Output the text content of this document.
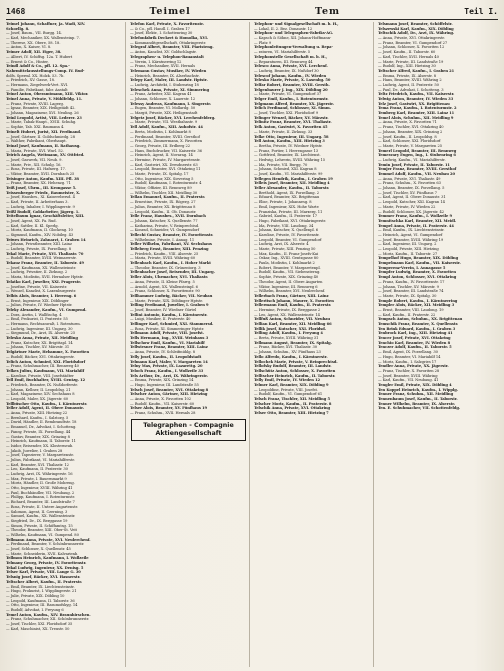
1468	Teimel	Tem	Teil I.
Teimel Johann, Schaffner, Ja. Wadi, XIV.
Schoellg. 8.
— Josef, Baum., VII. Burgg. 14.
— Karl, Mechaniker, XX. Wallensteinp. 7.
— Therese, XX. Obere, 58. 18.
— Anton, X. Kaiser, VI. 8.
Teimer Adolf, XII. Eiger, 38.
— Albert, IV. Schiffsg. 12a. T. Hubert
— Ernest & Co., Hinter,
Teindl Adolf & Co., pfl. 12. Spa.-
Nahrmittelausstellungs-Comp. IV. Rud-
dolfs. Sperml. XX. Holzk. 53. 7b.
— Friedrich, XV. Gasse, 18.
— Hermann, Ziegelwerk-Vert. XVI.
— Familie, Fabrikant, fabr. Anstalt
Teinel Anton, Oberamtmann, XIII. Viktor.
Teinel Anna, Private, V. Mühlfeldg. 11.
— Franz, Private, XVIII. Lagerg.
— Ignaz, Beamter, XIX. Heiligstädt 42.
— Johann, Magazineur, XVI. Neuling. 26
Teinl Leopold, Artist, VIII. Lederer. 23
— Marie, Tabak-Haupt., XVIII. Schuhg.
— Sophie, Tab. XXI. Baumann 4.
Teinelt Hubert, Jurist, XII. Ferdinand.
— Josef, Gärtner, II. Goldschmiedg. 28
— Walther, Fabrikant, Oberhaupt.
Teinzl Josef, Kaufmann, II. Rathausg.
— Maria, Private, XVI. Wurl. 52.
Teirich Angela, Weitmann, XV. Ottfried.
— Josef, Gaswerk, VII. Neub. 9.
— Marie, Priv., XII. Schulg. 16.
— Rosa, Private, III. Hafnerg. 17.
— Viktor, Beamter, XVII. Dornbach 25
Teisinger Anton, Kaufm. XIII. Pfl. 38
— Franz, Beamter, XX. Hehenzg. 71
Teiß Josef, Uhrm., III. Krongasse 5.
Teissenberger Friedr., Baumeister, X.
— Josef, Hausbes., XI. Kaiserebersd. 4
— Karl, Private, II. Arbeiterhaus 3.
— Ludwig, Inhaber, I. Wipplingerstr. 9
Teißl Rudolf, Goldarbeiter, Jägerg. 1.
Teitelbaum Ignaz, Geschäftsleiter, XIII.
— Josef, Agent, XX. Fa. Rud.
— Karl, Sattler, II. Kl. Sperlg.
— Moriz, Kaufmann, II. Glockeng. 10
— Sigmund, Kaufm., XIV. Nobileg. 43
Teiwes Heinrich, Zahnarzt, I. Graben 14
— Johann, Privatbeamter, XIII. Lainz
— Ludwig, Private, IX. Porzellang. 8
Tekal Marie, Private, XVI. Thaliastr. 70
— Rudolf, Beamter, XVIII. Weimarerstr.
Tekauz Franz, Beamter, II. Taborstr. 49
— Josef, Kaufmann, XX. Wallensteinstr.
— Ludwig, Privatier, II. Zirkusg. 2
— Maria, Modistin, XVII. Hernalser Hptstr.
Telatko Karl, Juwelier, XXI. Pragerstr.
— Josefine, Private, VII. Kaiserstr.
— Wenzel, Kanzlist, X. Laxenburgerstr.
Telbis Alois, Beamter, I. Herreng. 6
— Ernst, Ingenieur, XIX. Döblinger
— Julius, Private, IV. Wiedner Hptstr.
Teleky Alexander, Kaufm., VI. Gumpend.
— Dora, Ärztin, I. Wallfischg. 4
— Emil, Prokurist, II. Praterstr. 55
— Hermann, Rechtsanwalt, I. Rotenturm.
— Ludwig, Ingenieur, III. Ungarg. 30
— Siegmund, Dr., Arzt, IX. Alserstr. 25
Telesko Anna, Private, XII. Meidling
— Franz, Kutscher, XX. Brigittapl. 14
— Johann, Tischler, XV. Märzstr. 31
Telgärtner Marie, Hebamme, X. Favoriten
— Rudolf, Bäcker, XVI. Ottakringerstr.
Telich Anton, Schmied, XXI. Floridsdorf
— Franz, Schuhmacher, III. Rennweg 40
Telkes Julius, Kaufmann, VII. Mariahilf
— Karoline, Private, VIII. Josefstädter
Tell Emil, Buchhalter, XVIII. Gentzg. 12
— Friedrich, Beamter, IX. Nußdorferstr.
— Johann, Kellner, II. Leopoldsg. 21
— Karl, Magazineur, XIV. Sechshaus 8
— Leopold, Maler, XX. Jägerstr. 60
Tellbüscher Otto, Kaufm., I. Kärntnerstr.
Teller Adolf, Agent, II. Obere Donaustr.
— Anna, Private, XIII. Hietzing 22
— Bernhard, Kaufm., I. Salztorg. 5
— David, Händler, II. Rembrandtstr. 18
— Emanuel, Dr., Advokat, I. Schotteng.
— Fanny, Private, IX. Porzellang. 44
— Gustav, Beamter, XIX. Grinzing 8
— Heinrich, Kaufmann, II. Taborstr. 11
— Isidor, Reisender, XX. Klosterneub.
— Jakob, Juwelier, I. Graben 28
— Josef, Tapezierer, V. Margaretenstr.
— Julius, Fabrikant, VI. Mariahilferstr.
— Karl, Beamter, XVI. Thaliastr. 12
— Leo, Kaufmann, II. Praterstr. 30
— Ludwig, Arzt, IX. Währingerstr. 16
— Max, Private, I. Bauernmarkt 9
— Moriz, Händler, II. Große Mohreng.
— Otto, Ingenieur, XVIII. Währing 41
— Paul, Buchhändler, VII. Neubaug. 2
— Philipp, Kaufmann, I. Rotenturmstr.
— Richard, Beamter, III. Landstraße 7
— Rosa, Private, II. Untere Augartenstr.
— Salomon, Agent, II. Czerning. 3
— Samuel, Kaufm., XX. Wallensteinstr.
— Siegfried, Dr., IX. Berggasse 19
— Simon, Private, II. Schiffamtsg. 15
— Theodor, Beamter, XIII. Ober-St. Veit
— Wilhelm, Kaufmann, VI. Gumpend. 80
Tellmann Anna, Private, XVI. Neulerchenf.
— Ferdinand, Beamter, V. Schönbrunnerstr.
— Josef, Schlosser, X. Quellenstr. 45
— Marie, Schneiderin, XVII. Kalvarienb.
Tellmon Heinrich, Kaufmann, I. Wollzeile
Telmany Georg, Private, IV. Favoritenstr.
Tekal Ludwig, Ingenieur, XX. Denisg. 5
Telser Karl, Private, VIII. Lange G. 30
Telsnig Josef, Bäcker, XVI. Hasnerstr.
Teltscher Albert, Kaufm., II. Praterstr.
— Emil, Beamter, IX. Liechtensteinstr.
— Hugo, Prokurist, I. Wipplingerstr. 21
— Julie, Private, XIX. Döbling 10
— Leopold, Kaufmann, II. Taborstr. 36
— Otto, Ingenieur, III. Rasumofskyg. 14
— Rudolf, Advokat, I. Freyung 6
Temel Anton, Kaufm., XIV. Braunhirschen.
— Franz, Schuhmacher, XII. Schönbrunnerstr.
— Josef, Tischler, XXI. Floridsdorf 35
— Karl, Maschinist, XX. Treustr. 50
Telefon Karl, Private, X. Favoritenstr.
— & Co., pfl. Handl. I. Graben 17
— Josef, Elektr., I. Schottenring 30
Telefonfabrik Deckert & Homolka, XVI.
— Kommanditgesellschaft, Ottakringerstr.
Telegraf Albert, Beamter, VIII. Piaristeng.
— Anton, Kanzlist, XV. Goldschlagstr.
Telegraphen- u. Telephon-Bauanstalt
— Verein, I. Kärntnerring 12
— Franz, Mechaniker, XVII. Hernals
Telemann Gustav, Musiker, IV. Wieden
— Heinrich, Beamter, IX. Alserbachstr.
Telepy Karl, Maler, III. Landstr. Hptstr.
— Ludwig, Architekt, I. Stubenring 18
Teleschek Anna, Private, XI. Simmering
— Franz, Arbeiter, XXI. Kagran 41
— Johann, Schlosser, X. Laaerstr. 12
Telessy Andreas, Kaufmann, I. Singerstr.
— Eugen, Beamter, VI. Mollardg. 50
— Margit, Private, XIX. Heiligenstadt
Telgetz Josef, Bäcker, XVI. Lerchenfelderg.
— Marie, Private, VII. Westbahnstr. 9
Tell Adolf, Kaufm., XIII. Auhofstr. 44
— Berta, Modistin, I. Kohlmarkt 8
— Ferdinand, Beamter, XVIII. Gersthof
— Friedrich, Zimmermann, X. Favoriten
— Georg, Private, III. Erdberg 22
— Hans, Buchdrucker, VII. Kaiserstr. 36
— Heinrich, Agent, II. Novarag. 14
— Hermine, Private, IV. Margaretenstr.
— Karl, Gastwirt, XX. Dresdnerstr. 63
— Leopold, Beamter, XVI. Ottakring 11
— Marie, Private, IX. Spitalg. 17
— Otto, Ingenieur, XIX. Sievering 5
— Rudolf, Kaufmann, I. Rotenturmstr. 4
— Viktor, Offizier, III. Rennweg 89
— Wilhelm, Tischler, XII. Meidling 30
Tellan Emanuel, Kaufm., II. Praterstr.
— Ernestine, Private, IX. Rögerg. 27
— Julius, Beamter, XX. Brigittenau 8
— Leopold, Kaufm., II. Ob. Donaustr.
Telle Franz, Hausbes., XVII. Dornbach
— Johann, Kutscher, X. Quellenstr. 77
— Katharina, Private, V. Reinprechtsd.
— Konrad, Schneider, VI. Gumpendorf
Tellechi Gustav, Beamter, IV. Favoritenstr.
— Wilhelmine, Private, I. Annag. 11
Teller Wilhelm, Fabrikant, XV. Sechshaus
Telleberg Ernst, Beamter, XIII. Penzing
— Friedrich, Kaufm., VIII. Alserstr. 25
— Maria, Private, XVIII. Währing 60
Tellenbach Karl, Kaufm., I. Hoher Markt
— Theodor, Beamter, IX. Grünentorg. 3
Tellenbacher Josef, Reisender, III. Ungarg.
Teller Alois, Uhrmacher, XVI. Thaliastr.
— Anna, Private, II. Kleine Pfarrg. 5
— Arnold, Agent, XX. Wallensteinpl. 6
— Franz, Schlosser, X. Favoritenstr. 90
Tellhammer Ludwig, Bäcker, VII. Neubau
— Marie, Private, XIX. Döblinger Hptstr.
Telling Ferdinand, Juwelier, I. Graben 9
— Josef, Beamter, IV. Wiedner Gürtel
Tellini Antonio, Kaufm., I. Kärntnerstr.
— Luigi, Musiker, II. Praterstr. 40
Tellinger Karl, Schmied, XXI. Stammersd.
— Rosa, Private, XI. Simmeringer Hptstr.
Tellmann Adolf, Private, VIII. Josefst.
Tells Hermann, Ing., XVIII. Weinhaus 3
Tellschow Emil, Kaufm., VI. Mariahilf
Tellwiesner Franz, Beamter, XIII. Lainz
— Anna, Private, IV. Schleifmühlg. 8
Telly Josef, Kaufm., II. Leopoldstadt
Telmann Karl, Maler, V. Margareten 14
Telny Max, Private, IX. Lazarettg. 20
Teloch Franz, Kaufm., I. Wollzeile 33
Tels Arthur, Dr., Arzt, IX. Währingerstr.
— Emma, Private, XIX. Grinzing 14
— Hugo, Ingenieur, III. Landstraße 55
Telsch Josef, Beamter, XVI. Ottakring 8
Telscher Anton, Gärtner, XIII. Hietzing
— Anna, Private, X. Favoriten 102
— Rudolf, Kaufm., VII. Kaiserstr. 60
Telser Alois, Beamter, XV. Fünfhaus 19
— Franz, Schuhm., XVII. Hernals 28
Telegraphen - Compagnie
Aktiengesellschaft
Telephon- und Signalgesellschaft m. b. H.,
— Lokal, II. 2. Bez. Donaustr. 12
Telephon- und Telegraphen-Fabriks-AG.
— Kapsch & Söhne, XII. Johann-Hoffmann-
— Platz 9
Telephonleitungen-Verwaltung u. Repa-
— raturen, VI. Mariahilferstr. 5
Telephonstelle Gesellschaft m. b. H.,
— Reparaturen, III. Rennweg 44
Telesco Anna, Private, XVI. Lerchenf.
— Ludwig, Beamter, IX. Nußdorf 30
Telescof Johann, Kaufm., IV. Wieden
Telesko Marie, Private, X. Laxenbg. 50
Telfar Robert, Beamter, XVIII. Gersth.
Telgenbaurer J. Ing., XIX. Döbling 20
— Marie, Private, VI. Gumpendorf 37
Telger Emil, Kaufm., I. Rotenturmstr.
Telgmann Alfred, Beamter, XX. Jägerstr.
Telich Ferdinand, Schlosser, XI. Simm.
— Josef, Tischler, XXI. Floridsdorf 9
Telinger Wenzel, Bäcker, XV. Märzstr.
Telinitz Franz, Beamter, XVI. Thaliastr.
Telk Anton, Gastwirt, X. Favoriten 45
— Marie, Private, II. Zirkusg. 33
Telke Otto, Ingenieur, III. Ungarg. 58
Tell Anton, Kaufm., XIII. Hietzing 3
— Bertha, Private, IV. Wiedner Hptstr.
— Franz, Portier, I. Herrengasse 13
— Gottfried, Beamter, IX. Liechtenst.
— Hedwig, Lehrerin, XVIII. Währing 15
— Ida, Private, VII. Burgg. 70
— Johann, Schmied, XXI. Kagran 8
— Josef, Kaufm., VI. Mariahilferstr. 99
Tellegen Hendrik, Kaufm., I. Graben 19
Telleis Josef, Beamter, XII. Meidling 4
Teller Alexander, Kaufm., II. Taborstr.
— Berthold, Agent, IX. Porzellang. 2
— Eduard, Beamter, XX. Brigittenau
— Elise, Private, I. Johannesg. 8
— Emil, Ingenieur, XIX. Hohe Warte
— Franziska, Private, III. Marxerg. 11
— Gabriel, Kaufm., II. Praterstr. 17
— Hugo, Fabrikant, XVI. Ottakringerstr.
— Ida, Private, VIII. Laudong. 34
— Johann, Kutscher, X. Quellenpl. 6
— Karoline, Private, IV. Favoritenstr.
— Leopold, Beamter, VI. Gumpendorf
— Ludwig, Arzt, IX. Alserstr. 4
— Marie, Private, XIII. Penzing 50
— Max, Kaufm., II. Franz-Josefs-Kai
— Oskar, Ing., XVIII. Gentzgasse 80
— Paula, Modistin, I. Kohlmarkt 2
— Robert, Beamter, V. Margaretenpl.
— Rudolf, Kaufm., VII. Siebensterng.
— Sophie, Private, XIX. Grinzing 40
— Theodor, Agent, II. Obere Augarten
— Viktor, Ingenieur, III. Rennweg 6
— Wilhelm, Beamter, XVI. Neulerchenf.
Tellerbach Franz, Gärtner, XIII. Lainz
Telleritsch Johann, Maurer, X. Favoriten
Tellermann Emil, Kaufm., II. Praterstr.
— Hermine, Private, IX. Berggasse 2
— Leo, Agent, XX. Wallensteinstr. 14
Tellfuß Anton, Schneider, VII. Neubau
Tellian Karl, Beamter, XII. Meidling 66
Tellik Josef, Kutscher, XXI. Floridsd.
Telling Adolf, Kaufm., I. Freyung 4
— Berta, Private, XVIII. Währing 31
Tellmann August, Beamter, IX. Spitalg.
— Franz, Bäcker, XVI. Thaliastr. 30
— Johann, Schuhm., XV. Fünfhaus 23
Tello Alfredo, Kaufm., I. Kärntnerstr.
Tellochek Marie, Private, V. Reinprechtsd.
Tellofsky Rudolf, Beamter, III. Landstr.
Tellschütz Anton, Schlosser, X. Favoriten
Telltscher Heinrich, Kaufm., II. Taborstr.
Telly Emil, Private, IV. Wieden 12
Telmer Karl, Beamter, XIX. Döbling 9
— Leopoldine, Private, VIII. Josefst.
— Rudolf, Kaufm., VI. Gumpendorf 61
Telsch Franz, Tischler, XII. Meidling 5
Telscher Moriz, Kaufm., II. Praterstr. 8
Telschik Anna, Private, XVI. Ottakring
Telser Otto, Beamter, XIII. Hietzing 7
Telsmann Josef, Beamter, Schöffelstr.
Telszewski Karl, Kaufm., XIX. Döbling
Teltschik Adolf, Dr., Arzt, IX. Währing.
— Anna, Private, XVI. Ottakringerstr.
— Franz, Beamter, VI. Gumpendorf 27
— Johann, Schlosser, X. Favoriten 12
— Josef, Kaufm., II. Taborstr. 60
— Karl, Tischler, XVII. Hernals 40
— Marie, Private, III. Landstraße 19
— Rudolf, Ing., XIII. Hietzing 30
Teltscher Alfred, Kaufm., I. Graben 21
— Emma, Private, IX. Alserstr. 8
— Hans, Beamter, XVIII. Währing 2
— Ludwig, Agent, II. Praterstr. 50
— Paul, Dr., Advokat, I. Schotteng. 3
Teltz Friedrich, Kaufm., VII. Kaiserstr.
Telwig Anton, Beamter, IV. Wieden 33
Telz Josef, Gastwirt, XX. Brigittenau
Tema Franz, Kaufm., I. Rotenturmstr. 2
Temberg Karl, Beamter, XIII. Lainz 11
Temel Alois, Schuhm., XII. Meidling 9
— Anna, Private, X. Favoriten 71
— Franz, Tischler, XVI. Ottakring 40
— Johann, Beamter, XIX. Grinzing 2
— Josef, Kaufm., II. Leopoldsg. 8
— Karl, Schlosser, XXI. Floridsdorf
— Marie, Private, V. Margareten 25
Temerl Leopold, Beamter, III. Rennweg
Temesvary Eugen, Ing., I. Stubenring 6
— Ludwig, Kaufm., VI. Mariahilferstr.
Temin Josef, Private, II. Taborstr. 11
Temjer Franz, Beamter, XVIII. Gersthof
Temmel Adolf, Kaufm., VII. Neubau 20
— Anna, Private, XVI. Thaliastr. 49
— Franz, Schuhm., X. Favoriten 63
— Johann, Beamter, IX. Porzellang. 5
— Josef, Tischler, XV. Fünfhaus 7
— Karl, Agent, II. Obere Donaustr. 31
— Leopold, Kutscher, XXI. Kagran 14
— Marie, Private, IV. Wieden 22
— Rudolf, Schlosser, XX. Jägerstr. 42
Temmer Franz, Kaufm., I. Wollzeile 9
Temnitschka Karl, Beamter, XII. Meidl.
Tempel Anna, Private, II. Praterstr. 44
— Emil, Kaufm., IX. Liechtensteinstr.
— Heinrich, Agent, VI. Gumpendorf
— Josef, Beamter, XVIII. Währing 19
— Karl, Ingenieur, III. Ungarg. 2
— Leopold, Private, XIII. Hietzing
— Moriz, Kaufm., II. Taborstr. 27
Tempelhof Hugo, Beamter, XIX. Döbling
Tempelmann Karl, Kaufm., VII. Kaiserstr.
Temperenz-Verein, I. Annagasse 5
Tempfer Ludwig, Beamter, X. Favoriten
Templ Anton, Schlosser, XVI. Ottakring
— Franz, Kaufm., IV. Favoritenstr. 17
— Johann, Tischler, XV. Märzstr. 9
— Josef, Beamter, III. Landstraße 74
— Marie, Private, IX. Spitalg. 30
Temple Robert, Kaufm., I. Kärntnerring
Templer Alois, Bäcker, XII. Meidling 3
— Ernst, Beamter, VIII. Laudong. 19
— Karl, Kaufm., II. Praterstr. 22
Tempsch Anton, Schuhm., XX. Brigittenau
Temschik Franz, Beamter, X. Quellenstr.
Ten Brink Eduard, Kaufm., I. Graben 3
Tenbrock Karl, Ing., XIII. Hietzing 41
Tencer Josef, Private, XVI. Ottakring
Tenchio Karl, Beamter, IV. Wieden 8
Tenczer Adolf, Kaufm., II. Taborstr. 5
— Emil, Agent, IX. Porzellang. 30
— Hugo, Beamter, VI. Mariahilf 14
— Moriz, Kaufm., I. Salzgries 17
Tendler Anna, Private, XX. Jägerstr.
— Franz, Tischler, X. Favoriten 28
— Josef, Beamter, XVIII. Währing
— Karl, Kaufm., VII. Neubaug. 41
Tengler Emil, Private, XIX. Döbling 4
Ten Koppel Heinrich, Kaufm., I. Wipplg.
Tenner Franz, Schuhm., XII. Meidling
Tennenbaum Josef, Kaufm., II. Taborstr.
Tenner Wilhelm, Beamter, IX. Alserstr.
Ten. E. Schuhmacher, VII. Schottenfeldg.
